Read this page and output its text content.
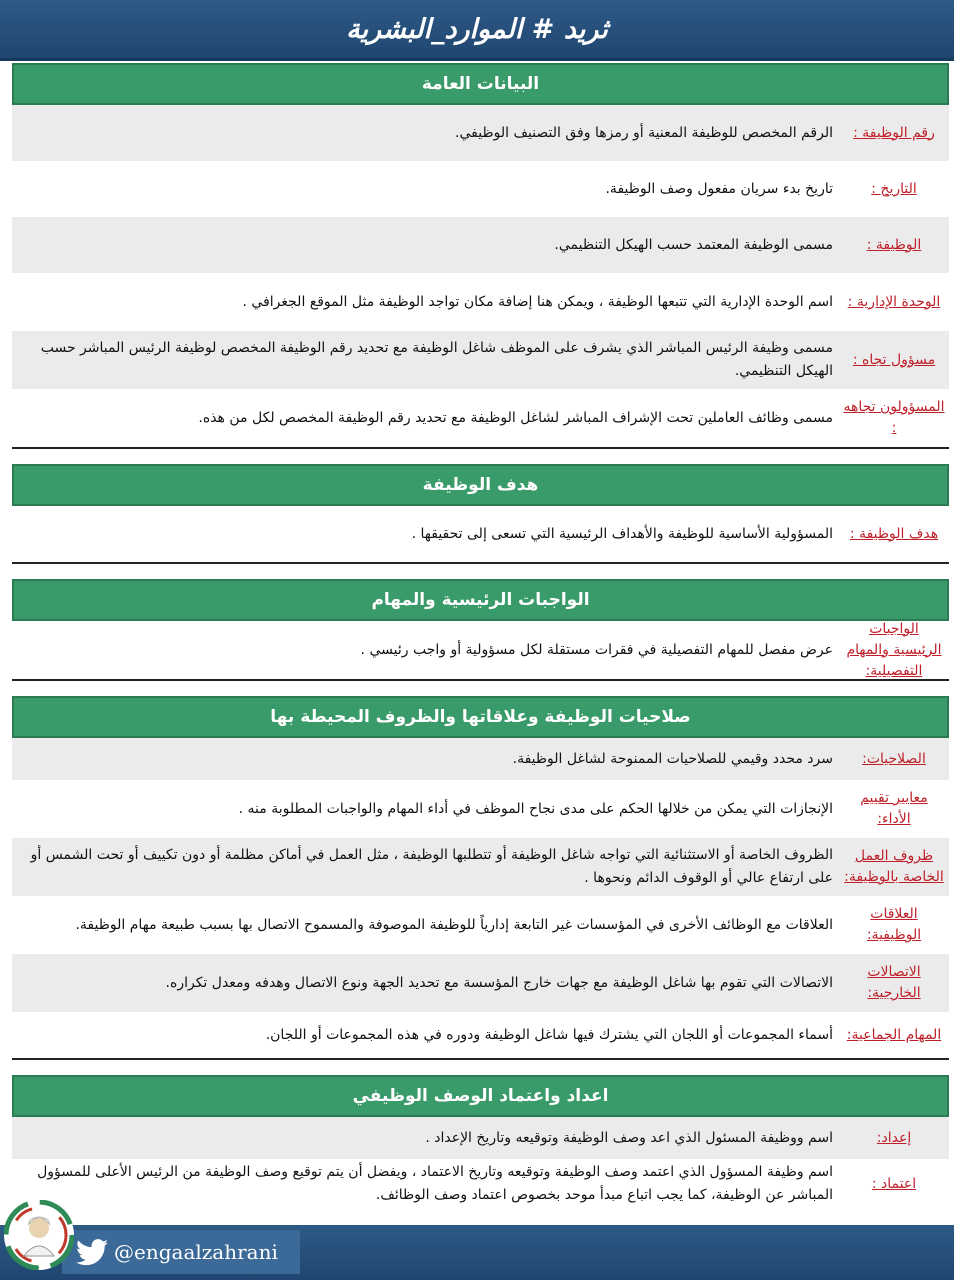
ثريد # الموارد_البشرية
البيانات العامة
رقم الوظيفة :
الرقم المخصص للوظيفة المعنية أو رمزها وفق التصنيف الوظيفي.
التاريخ :
تاريخ بدء سريان مفعول وصف الوظيفة.
الوظيفة :
مسمى الوظيفة المعتمد حسب الهيكل التنظيمي.
الوحدة الإدارية :
اسم الوحدة الإدارية التي تتبعها الوظيفة ، ويمكن هنا إضافة مكان تواجد الوظيفة مثل الموقع الجغرافي .
مسؤول تجاه :
مسمى وظيفة الرئيس المباشر الذي يشرف على الموظف شاغل الوظيفة مع تحديد رقم الوظيفة المخصص لوظيفة الرئيس المباشر حسب الهيكل التنظيمي.
المسؤولون تجاهه :
مسمى وظائف العاملين تحت الإشراف المباشر لشاغل الوظيفة مع تحديد رقم الوظيفة المخصص لكل من هذه.
هدف الوظيفة
هدف الوظيفة :
المسؤولية الأساسية للوظيفة والأهداف الرئيسية التي تسعى إلى تحقيقها .
الواجبات الرئيسية والمهام
الواجبات الرئيسية والمهام التفصيلية:
عرض مفصل للمهام التفصيلية في فقرات مستقلة لكل مسؤولية أو واجب رئيسي .
صلاحيات الوظيفة وعلاقاتها والظروف المحيطة بها
الصلاحيات:
سرد محدد وقيمي للصلاحيات الممنوحة لشاغل الوظيفة.
معايير تقييم الأداء:
الإنجازات التي يمكن من خلالها الحكم على مدى نجاح الموظف في أداء المهام والواجبات المطلوبة منه .
ظروف العمل الخاصة بالوظيفة:
الظروف الخاصة أو الاستثنائية التي تواجه شاغل الوظيفة أو تتطلبها الوظيفة ، مثل العمل في أماكن مظلمة أو دون تكييف أو تحت الشمس أو على ارتفاع عالي أو الوقوف الدائم ونحوها .
العلاقات الوظيفية:
العلاقات مع الوظائف الأخرى في المؤسسات غير التابعة إدارياً للوظيفة الموصوفة والمسموح الاتصال بها بسبب طبيعة مهام الوظيفة.
الاتصالات الخارجية:
الاتصالات التي تقوم بها شاغل الوظيفة مع جهات خارج المؤسسة مع تحديد الجهة ونوع الاتصال وهدفه ومعدل تكراره.
المهام الجماعية:
أسماء المجموعات أو اللجان التي يشترك فيها شاغل الوظيفة ودوره في هذه المجموعات أو اللجان.
اعداد واعتماد الوصف الوظيفي
إعداد:
اسم ووظيفة المسئول الذي اعد وصف الوظيفة وتوقيعه وتاريخ الإعداد .
اعتماد :
اسم وظيفة المسؤول الذي اعتمد وصف الوظيفة وتوقيعه وتاريخ الاعتماد ، ويفضل أن يتم توقيع وصف الوظيفة من الرئيس الأعلى للمسؤول المباشر عن الوظيفة، كما يجب اتباع مبدأ موحد بخصوص اعتماد وصف الوظائف.
@engaalzahrani
